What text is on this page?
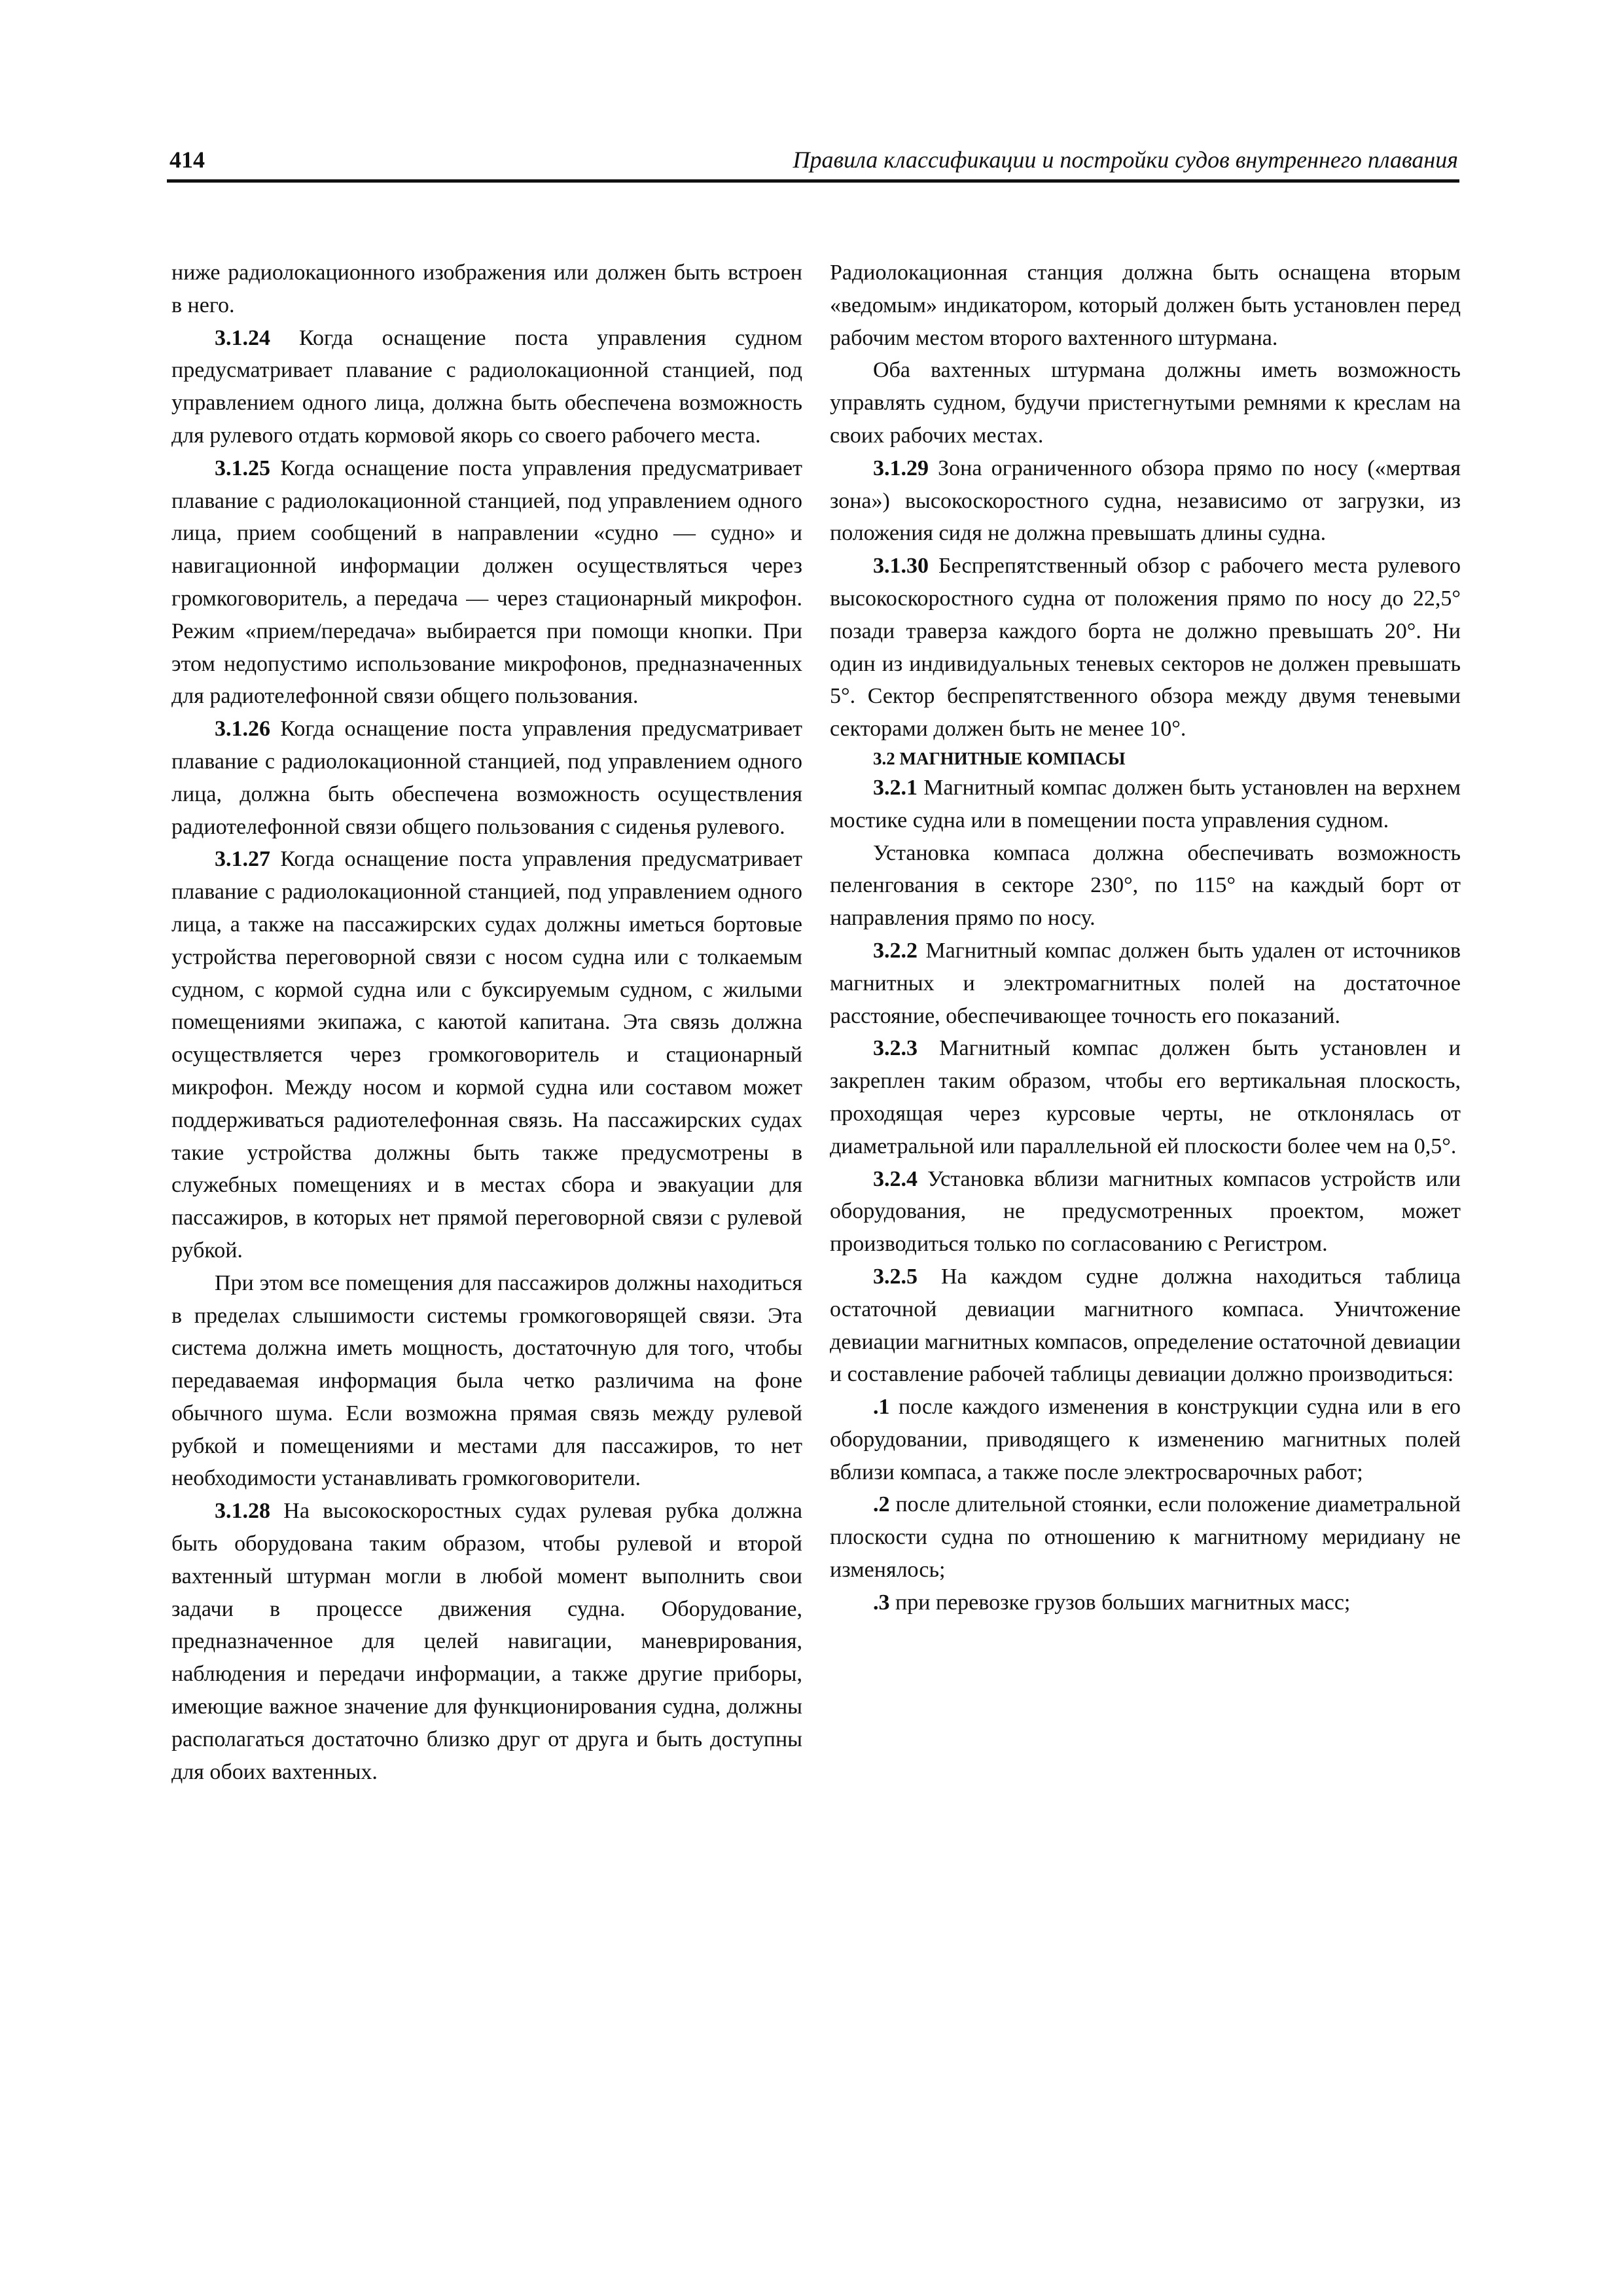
414	Правила классификации и постройки судов внутреннего плавания

ниже радиолокационного изображения или должен быть встроен в него.

3.1.24 Когда оснащение поста управления судном предусматривает плавание с радиолокационной станцией, под управлением одного лица, должна быть обеспечена возможность для рулевого отдать кормовой якорь со своего рабочего места.

3.1.25 Когда оснащение поста управления предусматривает плавание с радиолокационной станцией, под управлением одного лица, прием сообщений в направлении «судно — судно» и навигационной информации должен осуществляться через громкоговоритель, а передача — через стационарный микрофон. Режим «прием/передача» выбирается при помощи кнопки. При этом недопустимо использование микрофонов, предназначенных для радиотелефонной связи общего пользования.

3.1.26 Когда оснащение поста управления предусматривает плавание с радиолокационной станцией, под управлением одного лица, должна быть обеспечена возможность осуществления радиотелефонной связи общего пользования с сиденья рулевого.

3.1.27 Когда оснащение поста управления предусматривает плавание с радиолокационной станцией, под управлением одного лица, а также на пассажирских судах должны иметься бортовые устройства переговорной связи с носом судна или с толкаемым судном, с кормой судна или с буксируемым судном, с жилыми помещениями экипажа, с каютой капитана. Эта связь должна осуществляется через громкоговоритель и стационарный микрофон. Между носом и кормой судна или составом может поддерживаться радиотелефонная связь. На пассажирских судах такие устройства должны быть также предусмотрены в служебных помещениях и в местах сбора и эвакуации для пассажиров, в которых нет прямой переговорной связи с рулевой рубкой.

При этом все помещения для пассажиров должны находиться в пределах слышимости системы громкоговорящей связи. Эта система должна иметь мощность, достаточную для того, чтобы передаваемая информация была четко различима на фоне обычного шума. Если возможна прямая связь между рулевой рубкой и помещениями и местами для пассажиров, то нет необходимости устанавливать громкоговорители.

3.1.28 На высокоскоростных судах рулевая рубка должна быть оборудована таким образом, чтобы рулевой и второй вахтенный штурман могли в любой момент выполнить свои задачи в процессе движения судна. Оборудование, предназначенное для целей навигации, маневрирования, наблюдения и передачи информации, а также другие приборы, имеющие важное значение для функционирования судна, должны располагаться достаточно близко друг от друга и быть доступны для обоих вахтенных.

Радиолокационная станция должна быть оснащена вторым «ведомым» индикатором, который должен быть установлен перед рабочим местом второго вахтенного штурмана.

Оба вахтенных штурмана должны иметь возможность управлять судном, будучи пристегнутыми ремнями к креслам на своих рабочих местах.

3.1.29 Зона ограниченного обзора прямо по носу («мертвая зона») высокоскоростного судна, независимо от загрузки, из положения сидя не должна превышать длины судна.

3.1.30 Беспрепятственный обзор с рабочего места рулевого высокоскоростного судна от положения прямо по носу до 22,5° позади траверза каждого борта не должно превышать 20°. Ни один из индивидуальных теневых секторов не должен превышать 5°. Сектор беспрепятственного обзора между двумя теневыми секторами должен быть не менее 10°.

3.2 МАГНИТНЫЕ КОМПАСЫ

3.2.1 Магнитный компас должен быть установлен на верхнем мостике судна или в помещении поста управления судном.

Установка компаса должна обеспечивать возможность пеленгования в секторе 230°, по 115° на каждый борт от направления прямо по носу.

3.2.2 Магнитный компас должен быть удален от источников магнитных и электромагнитных полей на достаточное расстояние, обеспечивающее точность его показаний.

3.2.3 Магнитный компас должен быть установлен и закреплен таким образом, чтобы его вертикальная плоскость, проходящая через курсовые черты, не отклонялась от диаметральной или параллельной ей плоскости более чем на 0,5°.

3.2.4 Установка вблизи магнитных компасов устройств или оборудования, не предусмотренных проектом, может производиться только по согласованию с Регистром.

3.2.5 На каждом судне должна находиться таблица остаточной девиации магнитного компаса. Уничтожение девиации магнитных компасов, определение остаточной девиации и составление рабочей таблицы девиации должно производиться:

.1 после каждого изменения в конструкции судна или в его оборудовании, приводящего к изменению магнитных полей вблизи компаса, а также после электросварочных работ;

.2 после длительной стоянки, если положение диаметральной плоскости судна по отношению к магнитному меридиану не изменялось;

.3 при перевозке грузов больших магнитных масс;
